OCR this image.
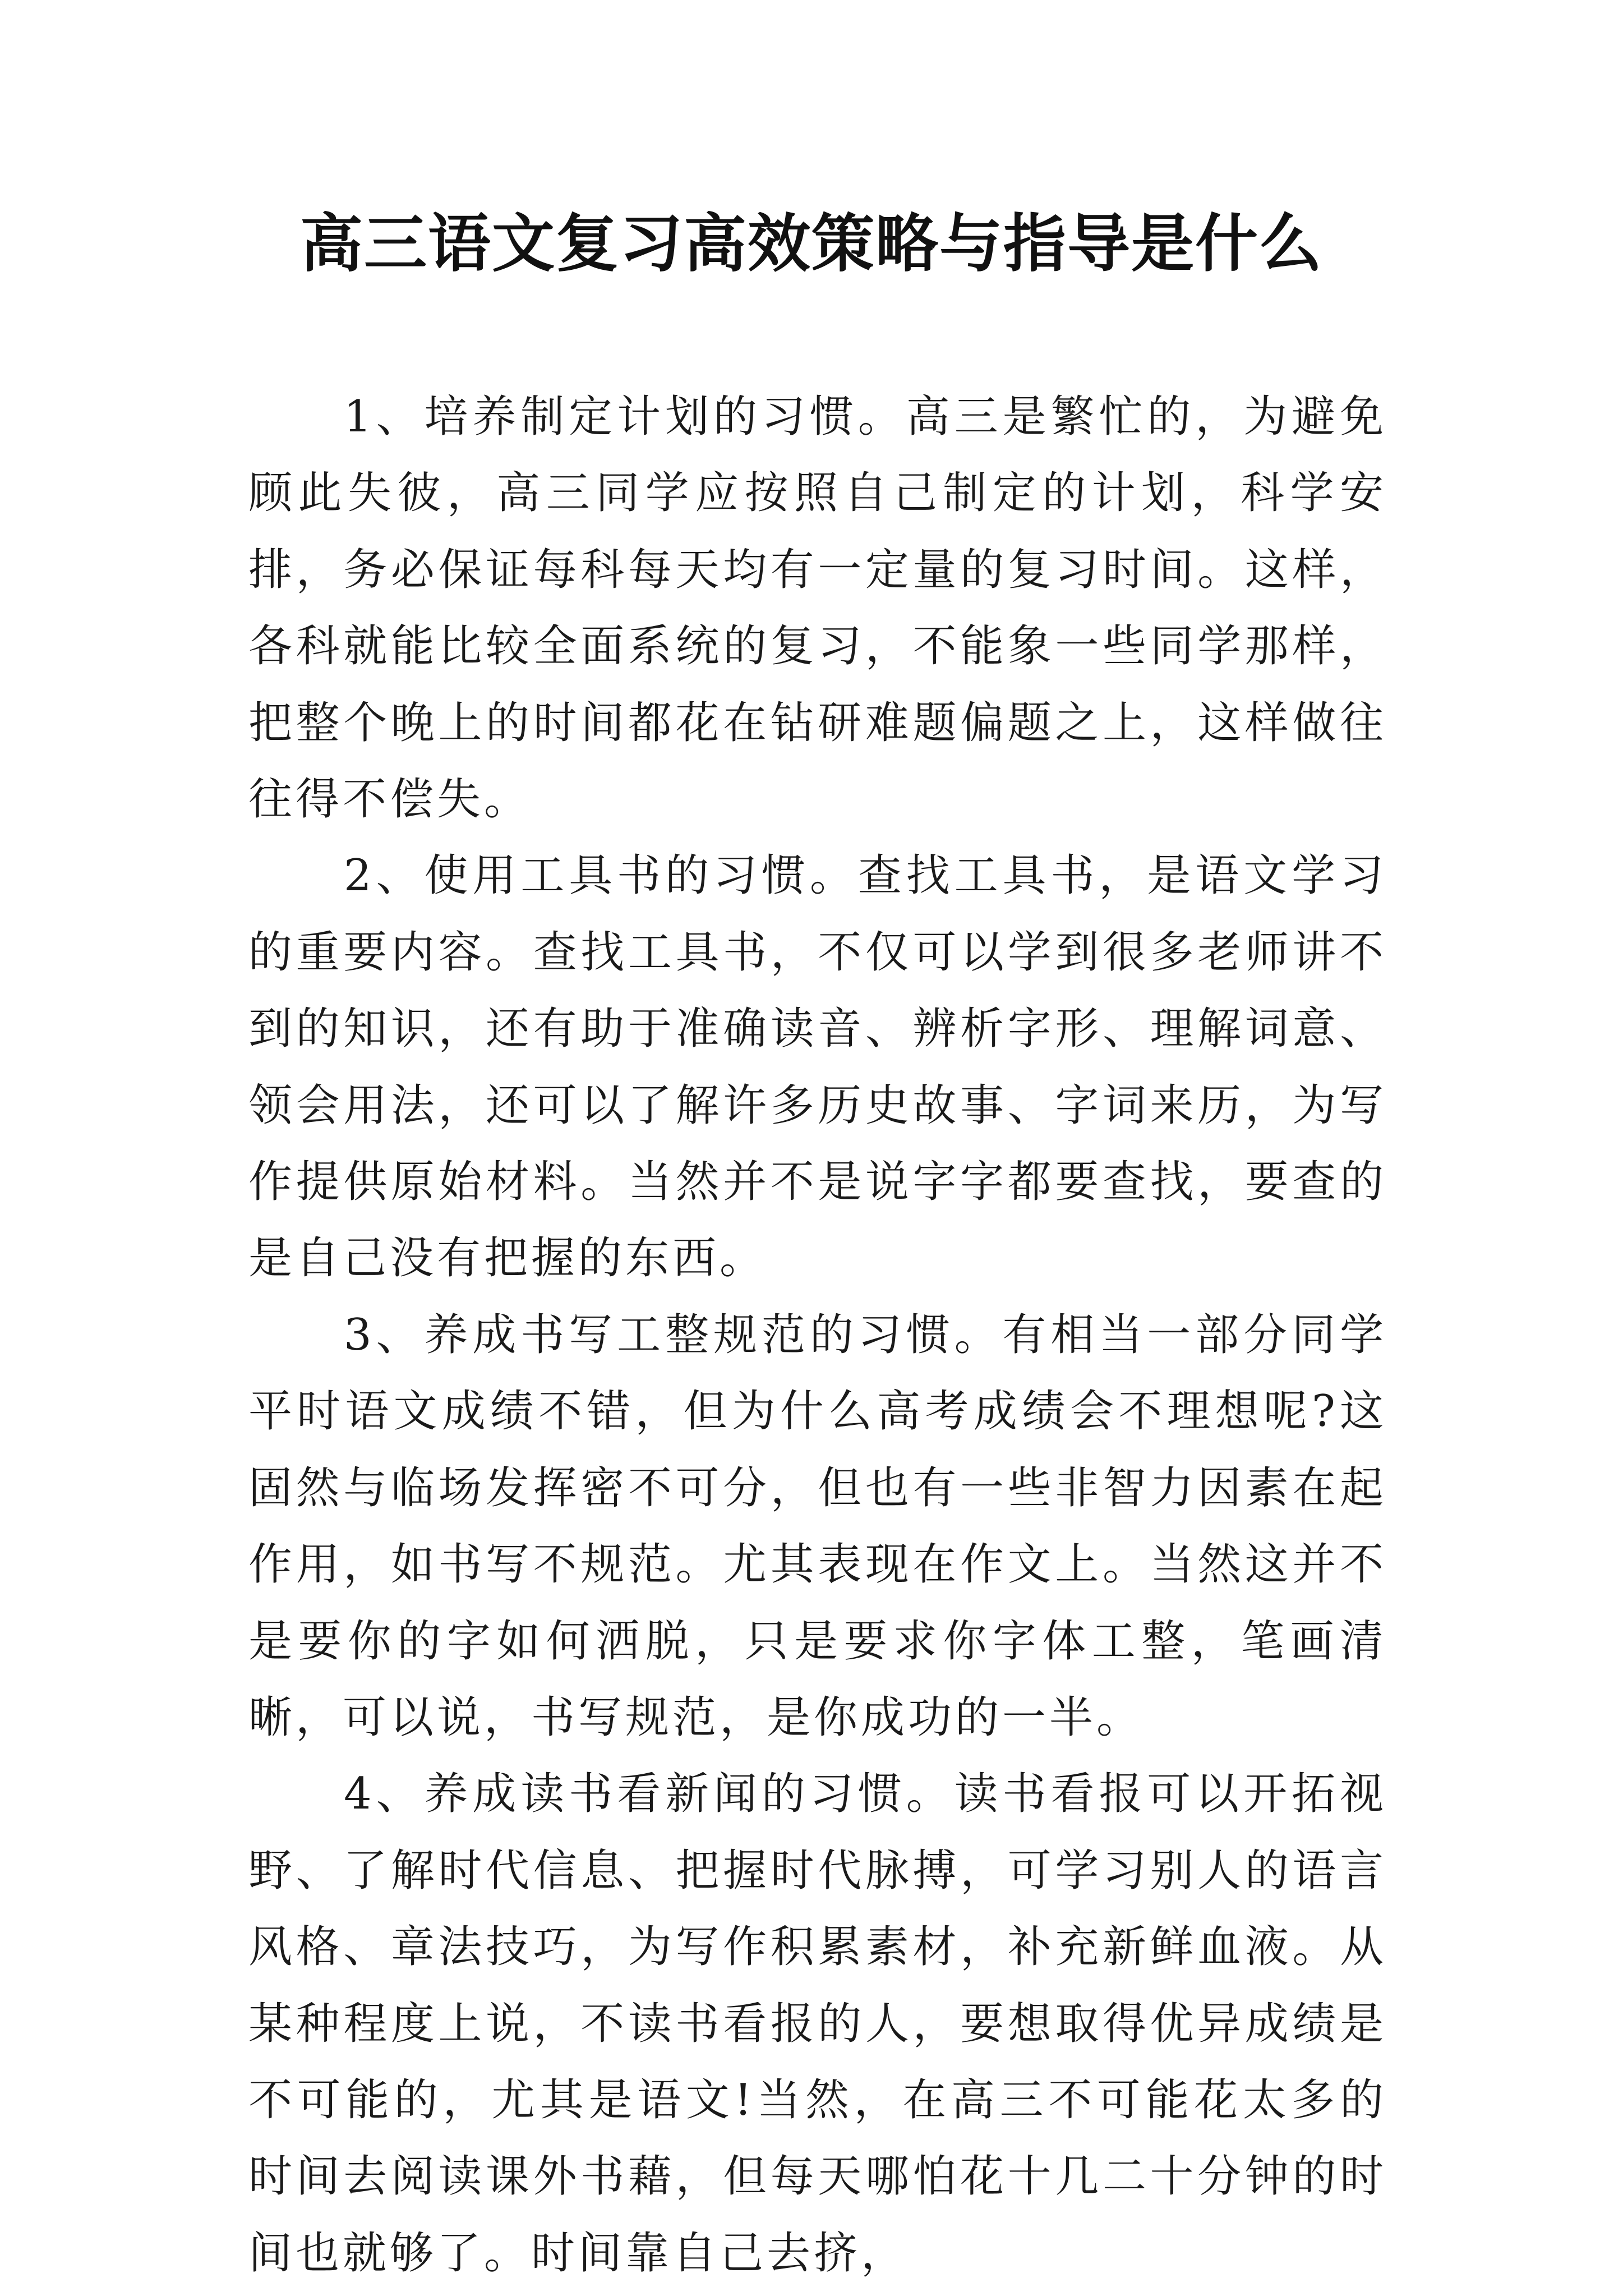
高三语文复习高效策略与指导是什么

1、培养制定计划的习惯。高三是繁忙的，为避免顾此失彼，高三同学应按照自己制定的计划，科学安排，务必保证每科每天均有一定量的复习时间。这样，各科就能比较全面系统的复习，不能象一些同学那样，把整个晚上的时间都花在钻研难题偏题之上，这样做往往得不偿失。

2、使用工具书的习惯。查找工具书，是语文学习的重要内容。查找工具书，不仅可以学到很多老师讲不到的知识，还有助于准确读音、辨析字形、理解词意、领会用法，还可以了解许多历史故事、字词来历，为写作提供原始材料。当然并不是说字字都要查找，要查的是自己没有把握的东西。

3、养成书写工整规范的习惯。有相当一部分同学平时语文成绩不错，但为什么高考成绩会不理想呢?这固然与临场发挥密不可分，但也有一些非智力因素在起作用，如书写不规范。尤其表现在作文上。当然这并不是要你的字如何洒脱，只是要求你字体工整，笔画清晰，可以说，书写规范，是你成功的一半。

4、养成读书看新闻的习惯。读书看报可以开拓视野、了解时代信息、把握时代脉搏，可学习别人的语言风格、章法技巧，为写作积累素材，补充新鲜血液。从某种程度上说，不读书看报的人，要想取得优异成绩是不可能的，尤其是语文!当然，在高三不可能花太多的时间去阅读课外书藉，但每天哪怕花十几二十分钟的时间也就够了。时间靠自己去挤，
